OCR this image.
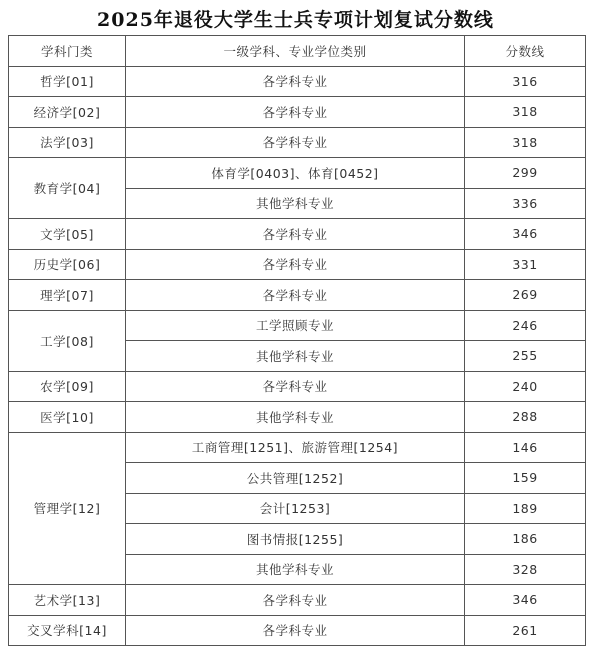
2025年退役大学生士兵专项计划复试分数线
学科门类	一级学科、专业学位类别	分数线
哲学[01]	各学科专业	316
经济学[02]	各学科专业	318
法学[03]	各学科专业	318
教育学[04]	体育学[0403]、体育[0452]	299
	其他学科专业	336
文学[05]	各学科专业	346
历史学[06]	各学科专业	331
理学[07]	各学科专业	269
工学[08]	工学照顾专业	246
	其他学科专业	255
农学[09]	各学科专业	240
医学[10]	其他学科专业	288
管理学[12]	工商管理[1251]、旅游管理[1254]	146
	公共管理[1252]	159
	会计[1253]	189
	图书情报[1255]	186
	其他学科专业	328
艺术学[13]	各学科专业	346
交叉学科[14]	各学科专业	261
